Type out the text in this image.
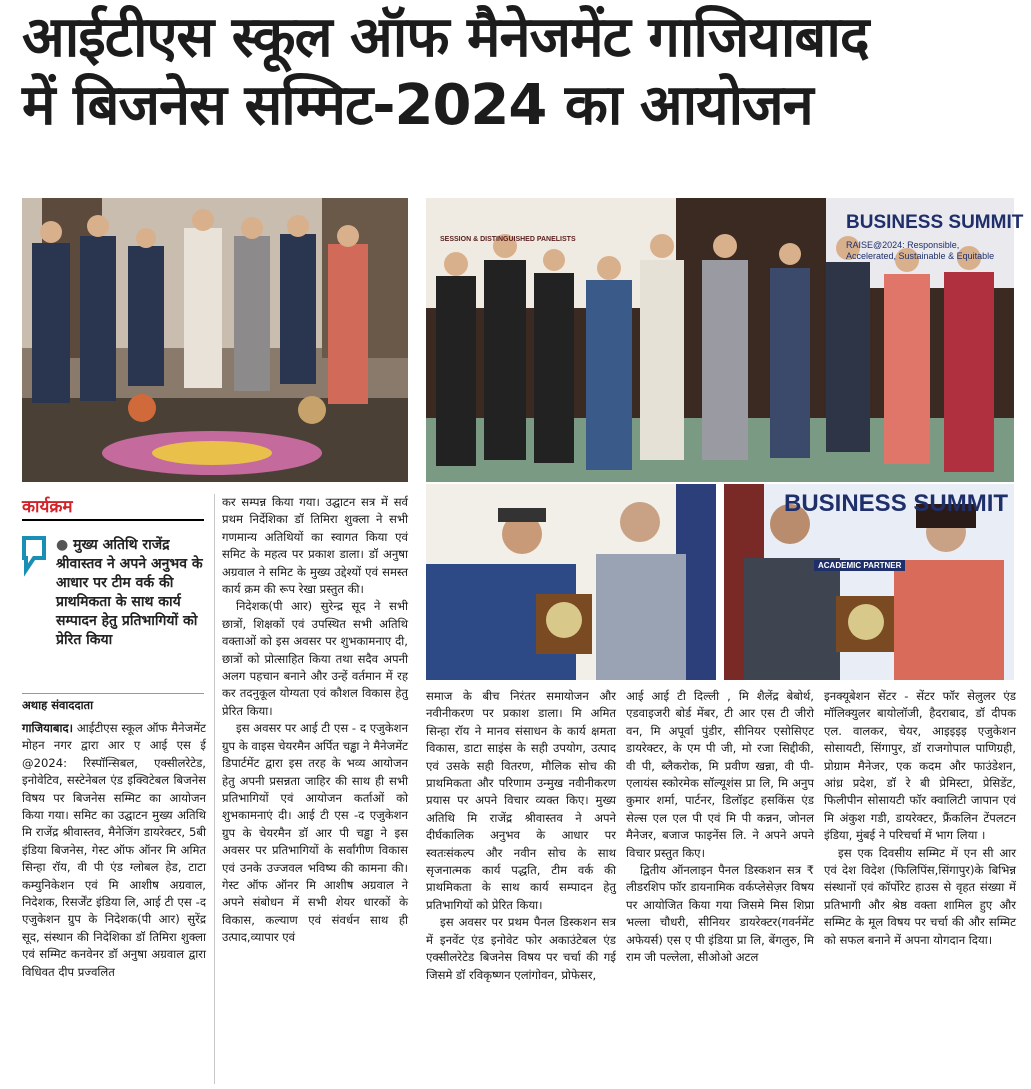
आईटीएस स्कूल ऑफ मैनेजमेंट गाजियाबाद
में बिजनेस सम्मिट-2024 का आयोजन
BUSINESS SUMMIT
RAISE@2024: Responsible, Accelerated, Sustainable & Equitable
SESSION & DISTINGUISHED PANELISTS
BUSINESS SUMMIT
ACADEMIC PARTNER
कार्यक्रम
● मुख्य अतिथि राजेंद्र श्रीवास्तव ने अपने अनुभव के आधार पर टीम वर्क की प्राथमिकता के साथ कार्य सम्पादन हेतु प्रतिभागियों को प्रेरित किया
अथाह संवाददाता

गाजियाबाद। आईटीएस स्कूल ऑफ मैनेजमेंट मोहन नगर द्वारा आर ए आई एस ई @2024: रिस्पॉन्सिबल, एक्सीलरेटेड, इनोवेटिव, सस्टेनेबल एंड इक्विटेबल बिजनेस विषय पर बिजनेस सम्मिट का आयोजन किया गया। समिट का उद्घाटन मुख्य अतिथि मि राजेंद्र श्रीवास्तव, मैनेजिंग डायरेक्टर, 5बी इंडिया बिजनेस, गेस्ट ऑफ ऑनर मि अमित सिन्हा रॉय, वी पी एंड ग्लोबल हेड, टाटा कम्युनिकेशन एवं मि आशीष अग्रवाल, निदेशक, रिसर्जेंट इंडिया लि, आई टी एस -द एजुकेशन ग्रुप के निदेशक(पी आर) सुरेंद्र सूद, संस्थान की निदेशिका डॉ तिमिरा शुक्ला एवं सम्मिट कनवेनर डॉ अनुषा अग्रवाल द्वारा विधिवत दीप प्रज्वलित

कर सम्पन्न किया गया। उद्घाटन सत्र में सर्व प्रथम निर्देशिका डॉ तिमिरा शुक्ला ने सभी गणमान्य अतिथियों का स्वागत किया एवं समिट के महत्व पर प्रकाश डाला। डॉ अनुषा अग्रवाल ने समिट के मुख्य उद्देश्यों एवं समस्त कार्य क्रम की रूप रेखा प्रस्तुत की।

निदेशक(पी आर) सुरेन्द्र सूद ने सभी छात्रों, शिक्षकों एवं उपस्थित सभी अतिथि वक्ताओं को इस अवसर पर शुभकामनाए दी, छात्रों को प्रोत्साहित किया तथा सदैव अपनी अलग पहचान बनाने और उन्हें वर्तमान में रह कर तदनुकूल योग्यता एवं कौशल विकास हेतु प्रेरित किया।

इस अवसर पर आई टी एस - द एजुकेशन ग्रुप के वाइस चेयरमैन अर्पित चड्ढा ने मैनेजमेंट डिपार्टमेंट द्वारा इस तरह के भव्य आयोजन हेतु अपनी प्रसन्नता जाहिर की साथ ही सभी प्रतिभागियों एवं आयोजन कर्ताओं को शुभकामनाएं दी। आई टी एस -द एजुकेशन ग्रुप के चेयरमैन डॉ आर पी चड्ढा ने इस अवसर पर प्रतिभागियों के सर्वांगीण विकास एवं उनके उज्जवल भविष्य की कामना की। गेस्ट ऑफ ऑनर मि आशीष अग्रवाल ने अपने संबोधन में सभी शेयर धारकों के विकास, कल्याण एवं संवर्धन साथ ही उत्पाद,व्यापार एवं

समाज के बीच निरंतर समायोजन और नवीनीकरण पर प्रकाश डाला। मि अमित सिन्हा रॉय ने मानव संसाधन के कार्य क्षमता विकास, डाटा साइंस के सही उपयोग, उत्पाद एवं उसके सही वितरण, मौलिक सोच की प्राथमिकता और परिणाम उन्मुख नवीनीकरण प्रयास पर अपने विचार व्यक्त किए। मुख्य अतिथि मि राजेंद्र श्रीवास्तव ने अपने दीर्घकालिक अनुभव के आधार पर स्वतःसंकल्प और नवीन सोच के साथ सृजनात्मक कार्य पद्धति, टीम वर्क की प्राथमिकता के साथ कार्य सम्पादन हेतु प्रतिभागियों को प्रेरित किया।

इस अवसर पर प्रथम पैनल डिस्कशन सत्र में इनवेंट एंड इनोवेट फोर अकाउंटेबल एंड एक्सीलरेटेड बिजनेस विषय पर चर्चा की गई जिसमे डॉ रविकृष्णन एलांगोवन, प्रोफेसर,

आई आई टी दिल्ली , मि शैलेंद्र बेबोर्थ, एडवाइजरी बोर्ड मेंबर, टी आर एस टी जीरो वन, मि अपूर्वा पुंडीर, सीनियर एसोसिएट डायरेक्टर, के एम पी जी, मो रजा सिद्दीकी, वी पी, ब्लैकरोक, मि प्रवीण खन्ना, वी पी- एलायंस स्कोरमेक सॉल्यूशंस प्रा लि, मि अनुप कुमार शर्मा, पार्टनर, डिलॉइट हसकिंस एंड सेल्स एल एल पी एवं मि पी कन्नन, जोनल मैनेजर, बजाज फाइनेंस लि. ने अपने अपने विचार प्रस्तुत किए।

द्वितीय ऑनलाइन पैनल डिस्कशन सत्र ₹ लीडरशिप फॉर डायनामिक वर्कप्लेसेज़र विषय पर आयोजित किया गया जिसमे मिस शिप्रा भल्ला चौधरी, सीनियर डायरेक्टर(गवर्नमेंट अफेयर्स) एस ए पी इंडिया प्रा लि, बेंगलुरु, मि राम जी पल्लेला, सीओओ अटल

इनक्यूबेशन सेंटर - सेंटर फॉर सेलुलर एंड मॉलिक्युलर बायोलॉजी, हैदराबाद, डॉ दीपक एल. वालकर, चेयर, आइइइइ एजुकेशन सोसायटी, सिंगापुर, डॉ राजगोपाल पाणिग्रही, प्रोग्राम मैनेजर, एक कदम और फाउंडेशन, आंध्र प्रदेश, डॉ रे बी प्रेमिस्टा, प्रेसिडेंट, फिलीपीन सोसायटी फॉर क्वालिटी जापान एवं मि अंकुश गडी, डायरेक्टर, फ्रैंकलिन टेंपलटन इंडिया, मुंबई ने परिचर्चा में भाग लिया ।

इस एक दिवसीय सम्मिट में एन सी आर एवं देश विदेश (फिलिपिंस,सिंगापुर)के बिभिन्न संस्थानों एवं कॉर्पोरेट हाउस से वृहत संख्या में प्रतिभागी और श्रेष्ठ वक्ता शामिल हुए और सम्मिट के मूल विषय पर चर्चा की और सम्मिट को सफल बनाने में अपना योगदान दिया।
